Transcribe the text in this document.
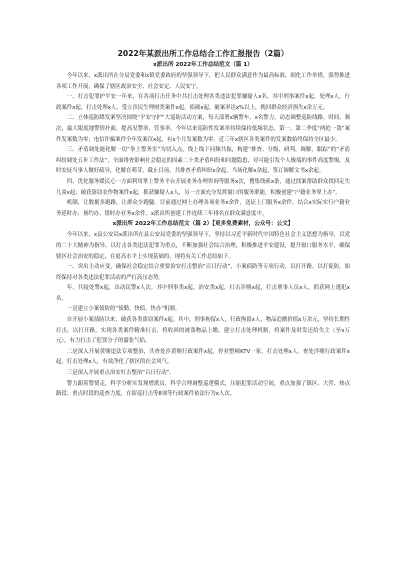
2022年某派出所工作总结合工作汇报报告（2篇）

x派出所 2022年工作总结范文（篇 1）

今年以来，x派出所在分局党委和x镇党委政府的坚强领导下，把人民群众满意作为最高标准，细化工作举措，强势推进各项工作开展，确保了辖区政治安全、社会安定、人民安宁。

一、打击犯罪护平安一年来，在各项打击任务中共打击处理各类违法犯罪嫌疑人x名，其中刑事案件x起，处理x人，行政案件x起，打击处理x人，受立涉民生理财类案件x起，侦破x起，破案率达x%以上，挽回群众经济损失x余万元。

二、立体巡防降发案坚决围绕“平安守护”大巡防活动方案，每天部署x辆警车、x名警力，动态调整巡防线路、时间、频次，最大限度地警情扑面，提高见警率、管事率。今年以来巡防性发案率持续保持低频状态，第一、第二季度“两抢一盗”案件发案数为零；电信诈骗案件全年发案仅x起，有x个月发案数为零，近三年x辖区各类案件的发案数始终保持全区最少。

三、矛盾调处能化解一切“拳上警务室”为切入点，线上线下同频共振，构建“排查、分级、研判、调解、跟踪”的“矛盾纠纷调处五步工作法”，全面排查影响社会稳定的因素二十类矛盾纠纷和问题隐患，对可能引发个人极端的事件高度警惕，及时安抚当事人做好疏导，化解在萌芽，截止目前，共排查矛盾纠纷x余起，当场化解x余起，签订调解文书x余起。

四、优化服务暖民心一方面利用掌上警务平台开展业务办理咨询等服务x次，搜集线索x条，通过找案帮助群众找回走失儿童x起；破获盗窃农作物案件x起，抓获嫌疑人x人，另一方面充分发挥窗口的服务职能，积极创建“户籍业务掌上办”。

机制，让数据多跑路，让群众少跑腿。目前通过网上办理各项业务x余件，送证上门服务x余件，结合x实际实行户籍业务延时办、预约办、错时办业务x余件。x派出所创建工作连续三年排名在群众满意度中。

x派出所 2022年工作总结范文（篇 2）【更多免费素材，公众号：公文】

今年以来，x县公安局x派出所在县公安局党委的坚强领导下，坚持以习近平新时代中国特色社会主义思想为指导，以党的二十大精神为指导，以打击各类违法犯罪为重点，不断加强社会综合治理，积极推进平安建设，提升窗口服务水平，确保辖区社会治安的稳定，在更高水平上实现基础的。现将有关工作总结如下。

一、突出主动应变，确保社会稳定结合重要治安打击整治“百日行动”，小案侦防等专项行动，以打开路，以打促防，始终保持对各类违法犯罪活动的严打高压态势。

年，共接处警x起，出动民警x人次。其中刑事类x起，治安类x起，打击涉赌x起，打击刑事人员x人，抓获网上逃犯x名。

一是建立小案侦防的“侦勤、快侦、快办”机制。

自开展小案侦防以来，破获各类盗窃案件x起。其中，刑事拘留x人，行政拘留x人，物品追缴价值x万余元，坚持长期性打击，以打开路，实现各类案件精准打击，将收回的被盗物品上缴，建立打击处理机制，将案件及时发还给失主（至x万元），有力打击了犯罪分子的嚣张气焰。

二是深入开展黄赌违法专项整治，共查处涉黄赌行政案件x起，停业整顿KTV一家，打击处理x人。查处涉赌行政案件x起，打击处理x人，有效净化了辖区的社会风气。

三是深入开展重点治安打击整治“百日行动”。

警力跟着警情走，科学分析实发现增派员，科学合理调整巡逻模式，压缩犯罪活动空间，重点加强了镇区、大营、热点路段、重点时段的巡查力度，在街巡打击等8项等行政案件依法行为x人次。
